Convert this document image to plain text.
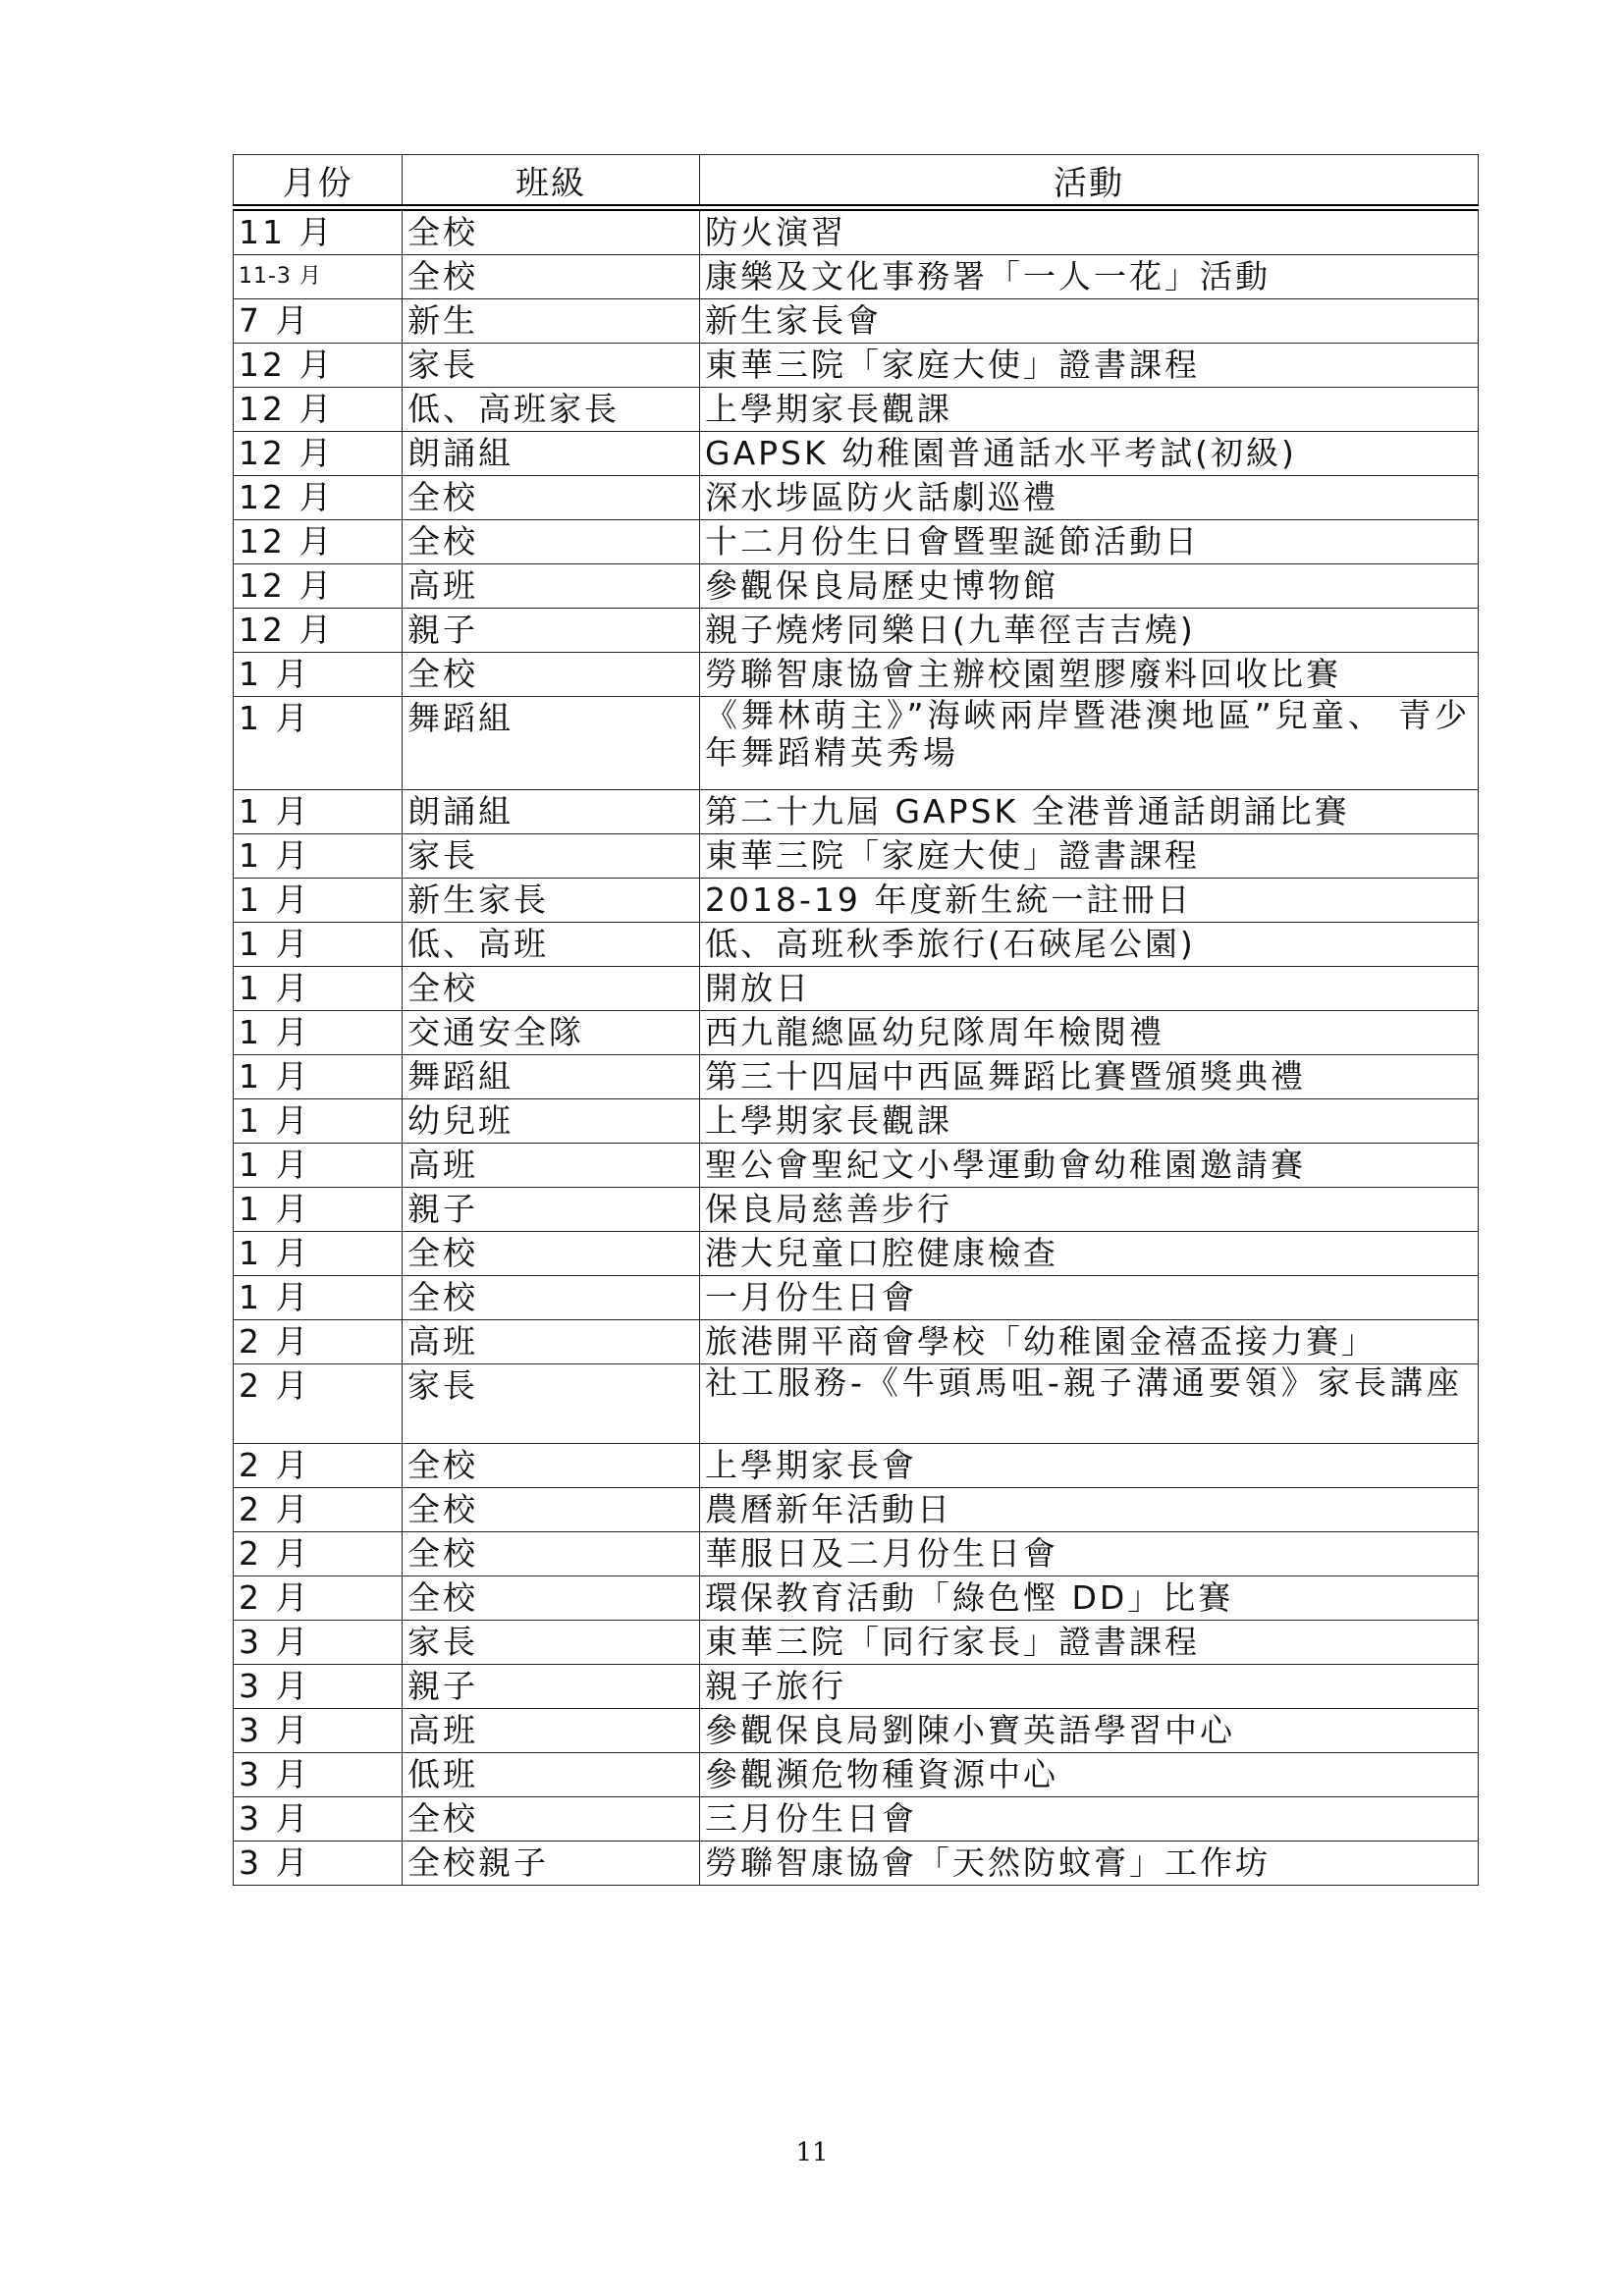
月份	班級	活動
11 月	全校	防火演習
11-3 月	全校	康樂及文化事務署「一人一花」活動
7 月	新生	新生家長會
12 月	家長	東華三院「家庭大使」證書課程
12 月	低、高班家長	上學期家長觀課
12 月	朗誦組	GAPSK 幼稚園普通話水平考試(初級)
12 月	全校	深水埗區防火話劇巡禮
12 月	全校	十二月份生日會暨聖誕節活動日
12 月	高班	參觀保良局歷史博物館
12 月	親子	親子燒烤同樂日(九華徑吉吉燒)
1 月	全校	勞聯智康協會主辦校園塑膠廢料回收比賽
1 月	舞蹈組	《舞林萌主》”海峽兩岸暨港澳地區”兒童、 青少年舞蹈精英秀場
1 月	朗誦組	第二十九屆 GAPSK 全港普通話朗誦比賽
1 月	家長	東華三院「家庭大使」證書課程
1 月	新生家長	2018-19 年度新生統一註冊日
1 月	低、高班	低、高班秋季旅行(石硤尾公園)
1 月	全校	開放日
1 月	交通安全隊	西九龍總區幼兒隊周年檢閱禮
1 月	舞蹈組	第三十四屆中西區舞蹈比賽暨頒獎典禮
1 月	幼兒班	上學期家長觀課
1 月	高班	聖公會聖紀文小學運動會幼稚園邀請賽
1 月	親子	保良局慈善步行
1 月	全校	港大兒童口腔健康檢查
1 月	全校	一月份生日會
2 月	高班	旅港開平商會學校「幼稚園金禧盃接力賽」
2 月	家長	社工服務-《牛頭馬咀-親子溝通要領》家長講座
2 月	全校	上學期家長會
2 月	全校	農曆新年活動日
2 月	全校	華服日及二月份生日會
2 月	全校	環保教育活動「綠色慳 DD」比賽
3 月	家長	東華三院「同行家長」證書課程
3 月	親子	親子旅行
3 月	高班	參觀保良局劉陳小寶英語學習中心
3 月	低班	參觀瀕危物種資源中心
3 月	全校	三月份生日會
3 月	全校親子	勞聯智康協會「天然防蚊膏」工作坊
11
